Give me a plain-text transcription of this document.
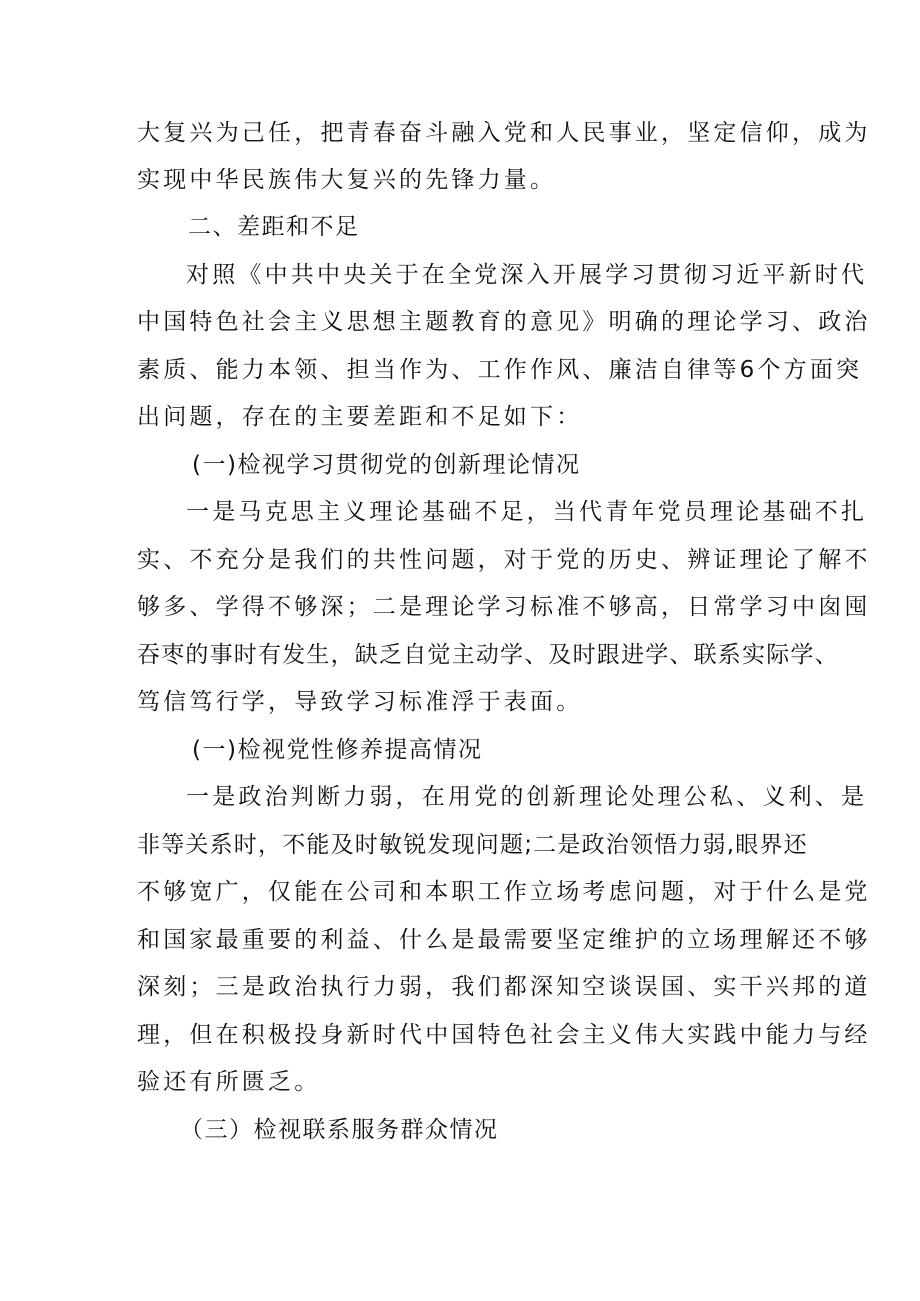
大复兴为己任，把青春奋斗融入党和人民事业，坚定信仰，成为
实现中华民族伟大复兴的先锋力量。
二、差距和不足
对照《中共中央关于在全党深入开展学习贯彻习近平新时代
中国特色社会主义思想主题教育的意见》明确的理论学习、政治
素质、能力本领、担当作为、工作作风、廉洁自律等6个方面突
出问题，存在的主要差距和不足如下：
(一)检视学习贯彻党的创新理论情况
一是马克思主义理论基础不足，当代青年党员理论基础不扎
实、不充分是我们的共性问题，对于党的历史、辨证理论了解不
够多、学得不够深；二是理论学习标准不够高，日常学习中囱囤
吞枣的事时有发生，缺乏自觉主动学、及时跟进学、联系实际学、
笃信笃行学，导致学习标准浮于表面。
(一)检视党性修养提高情况
一是政治判断力弱，在用党的创新理论处理公私、义利、是
非等关系时，不能及时敏锐发现问题;二是政治领悟力弱,眼界还
不够宽广，仅能在公司和本职工作立场考虑问题，对于什么是党
和国家最重要的利益、什么是最需要坚定维护的立场理解还不够
深刻；三是政治执行力弱，我们都深知空谈误国、实干兴邦的道
理，但在积极投身新时代中国特色社会主义伟大实践中能力与经
验还有所匮乏。
（三）检视联系服务群众情况
